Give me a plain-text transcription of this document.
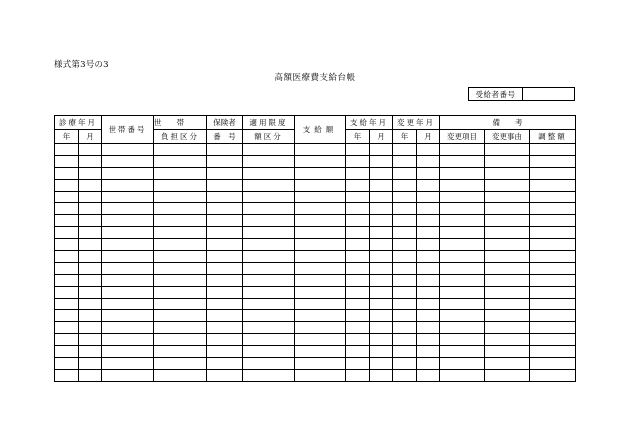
様式第3号の3
高額医療費支給台帳
受給者番号
診療年月		世帯番号	世　　帯	保険者	適用限度	支給額	支給年月		変更年月		備　　考		
年	月		負担区分	番　号	額区分		年	月	年	月	変更項目	変更事由	調整額
